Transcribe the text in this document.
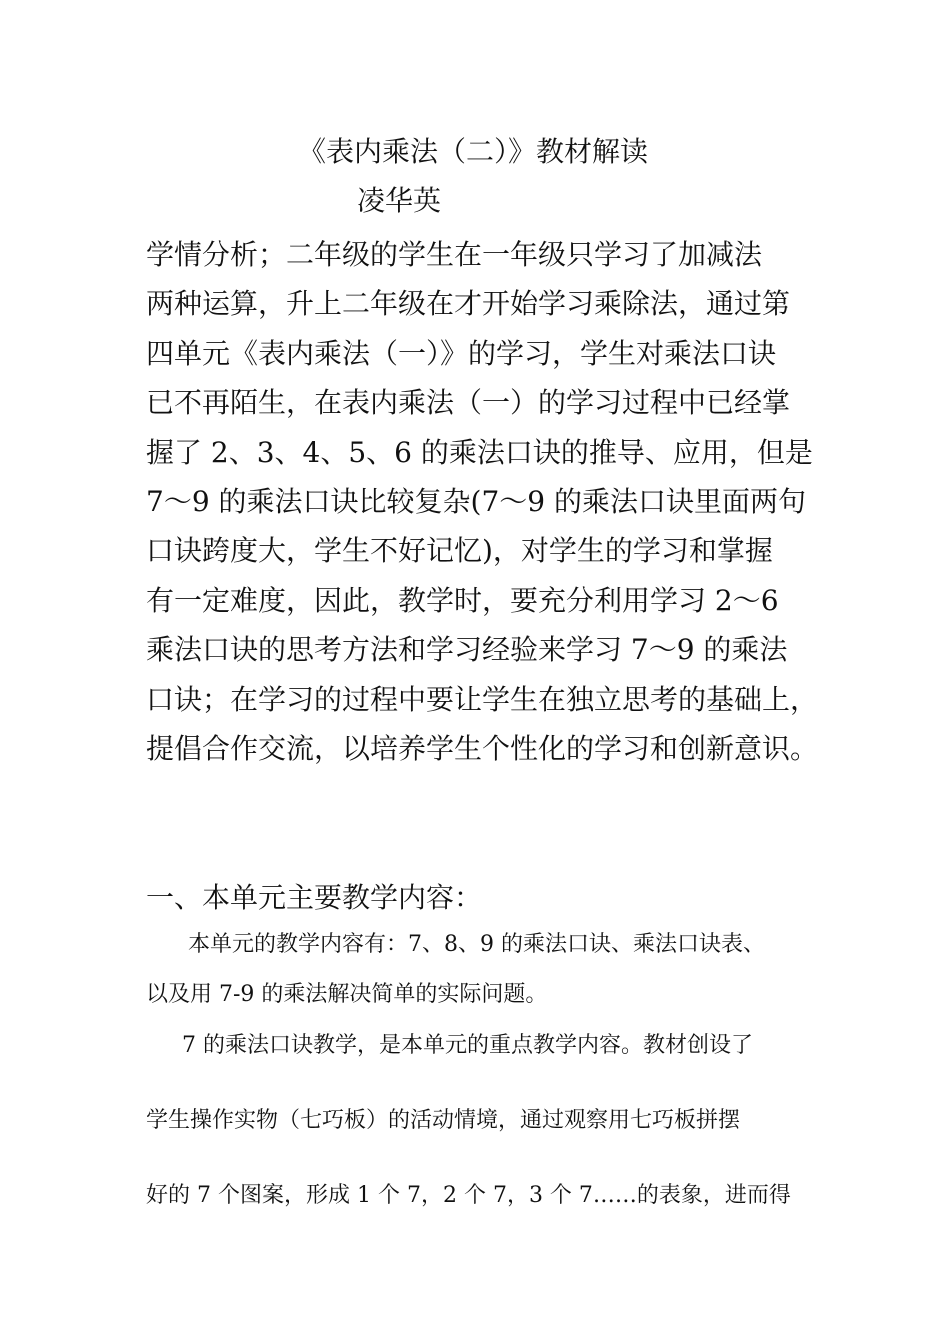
《表内乘法（二）》教材解读
凌华英

学情分析；二年级的学生在一年级只学习了加减法
两种运算，升上二年级在才开始学习乘除法，通过第
四单元《表内乘法（一）》的学习，学生对乘法口诀
已不再陌生，在表内乘法（一）的学习过程中已经掌
握了 2、3、4、5、6 的乘法口诀的推导、应用，但是
7～9 的乘法口诀比较复杂(7～9 的乘法口诀里面两句
口诀跨度大，学生不好记忆)，对学生的学习和掌握
有一定难度，因此，教学时，要充分利用学习 2～6
乘法口诀的思考方法和学习经验来学习 7～9 的乘法
口诀；在学习的过程中要让学生在独立思考的基础上，
提倡合作交流，以培养学生个性化的学习和创新意识。

一、本单元主要教学内容：
本单元的教学内容有：7、8、9 的乘法口诀、乘法口诀表、
以及用 7-9 的乘法解决简单的实际问题。
7 的乘法口诀教学，是本单元的重点教学内容。教材创设了
学生操作实物（七巧板）的活动情境，通过观察用七巧板拼摆
好的 7 个图案，形成 1 个 7，2 个 7，3 个 7……的表象，进而得
